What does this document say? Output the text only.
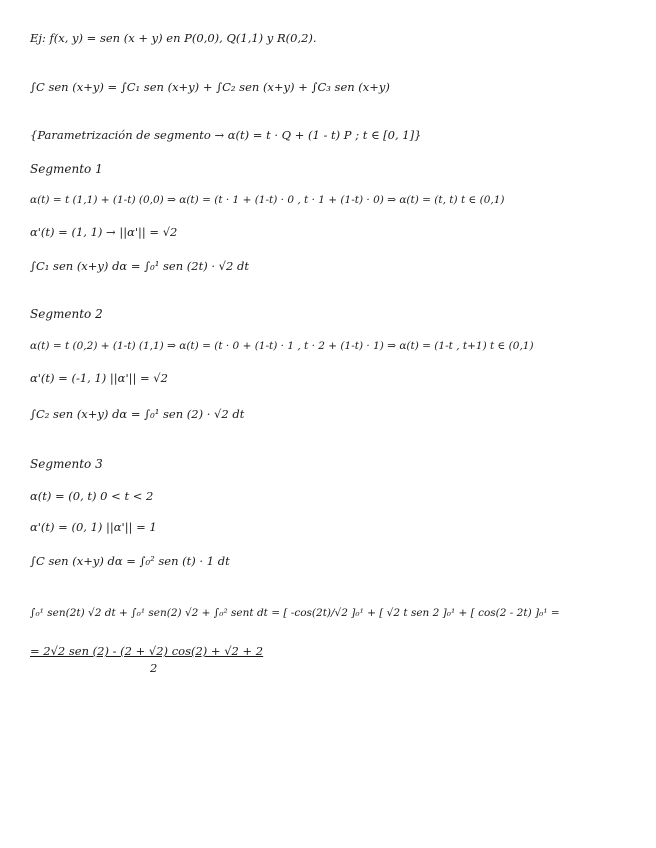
Ej: f(x, y) = sen (x + y) en P(0,0), Q(1,1) y R(0,2).
∫C sen (x+y) = ∫C₁ sen (x+y) + ∫C₂ sen (x+y) + ∫C₃ sen (x+y)
{Parametrización de segmento → α(t) = t · Q + (1 - t) P ; t ∈ [0, 1]}
Segmento 1
α(t) = t (1,1) + (1-t) (0,0) ⇒ α(t) = (t · 1 + (1-t) · 0 , t · 1 + (1-t) · 0) ⇒ α(t) = (t, t) t ∈ (0,1)
α'(t) = (1, 1) → ||α'|| = √2
∫C₁ sen (x+y) dα = ∫₀¹ sen (2t) · √2 dt
Segmento 2
α(t) = t (0,2) + (1-t) (1,1) ⇒ α(t) = (t · 0 + (1-t) · 1 , t · 2 + (1-t) · 1) ⇒ α(t) = (1-t , t+1) t ∈ (0,1)
α'(t) = (-1, 1) ||α'|| = √2
∫C₂ sen (x+y) dα = ∫₀¹ sen (2) · √2 dt
Segmento 3
α(t) = (0, t) 0 < t < 2
α'(t) = (0, 1) ||α'|| = 1
∫C sen (x+y) dα = ∫₀² sen (t) · 1 dt
∫₀¹ sen(2t) √2 dt + ∫₀¹ sen(2) √2 + ∫₀² sent dt = [ -cos(2t)/√2 ]₀¹ + [ √2 t sen 2 ]₀¹ + [ cos(2 - 2t) ]₀¹ =
= 2√2 sen (2) - (2 + √2) cos(2) + √2 + 2
2
